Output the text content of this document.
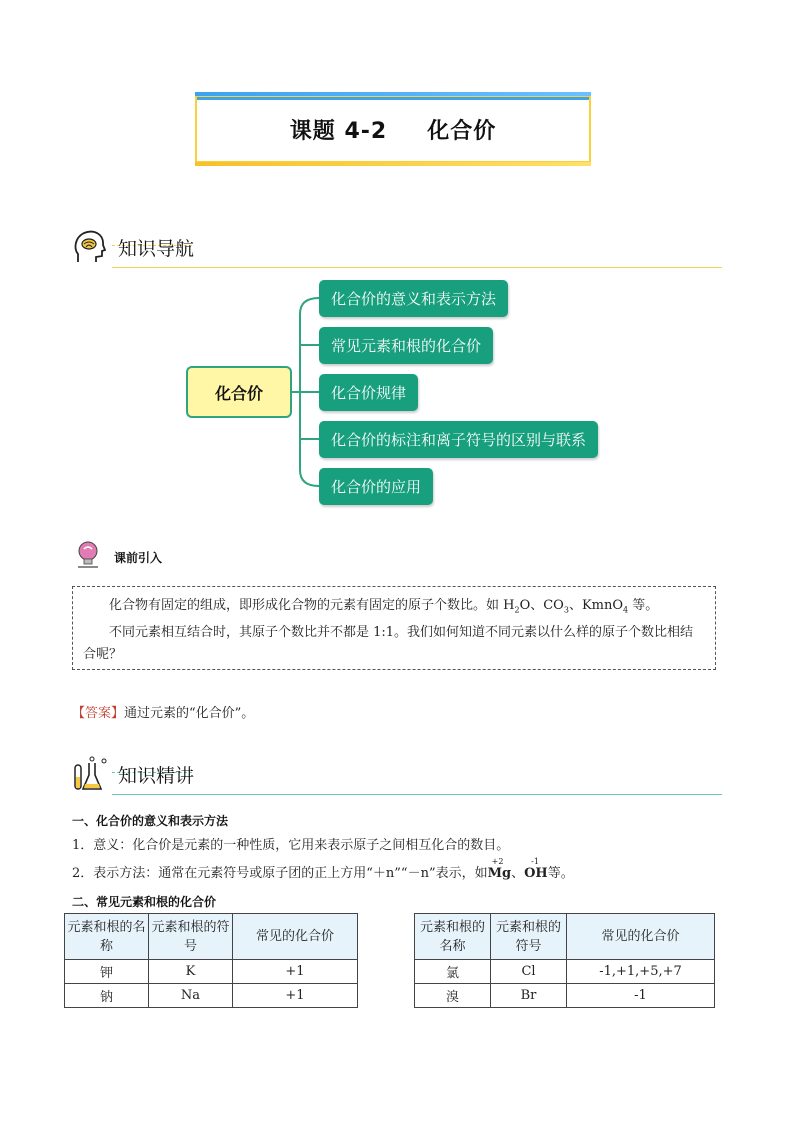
课题 4-2 化合价
知识导航
化合价
化合价的意义和表示方法
常见元素和根的化合价
化合价规律
化合价的标注和离子符号的区别与联系
化合价的应用
课前引入

化合物有固定的组成，即形成化合物的元素有固定的原子个数比。如 $H_2O$、$CO_3$、KmnO$_4$ 等。

不同元素相互结合时，其原子个数比并不都是 1:1。我们如何知道不同元素以什么样的原子个数比相结合呢？

【答案】通过元素的“化合价”。
知识精讲
一、化合价的意义和表示方法
1．意义：化合价是元素的一种性质，它用来表示原子之间相互化合的数目。
2．表示方法：通常在元素符号或原子团的正上方用“＋n”“－n”表示，如
+2
Mg、
-1
OH等。
二、常见元素和根的化合价
元素和根的名称	元素和根的符号	常见的化合价
钾	K	+1
钠	Na	+1
元素和根的名称	元素和根的符号	常见的化合价
氯	Cl	-1,+1,+5,+7
溴	Br	-1
